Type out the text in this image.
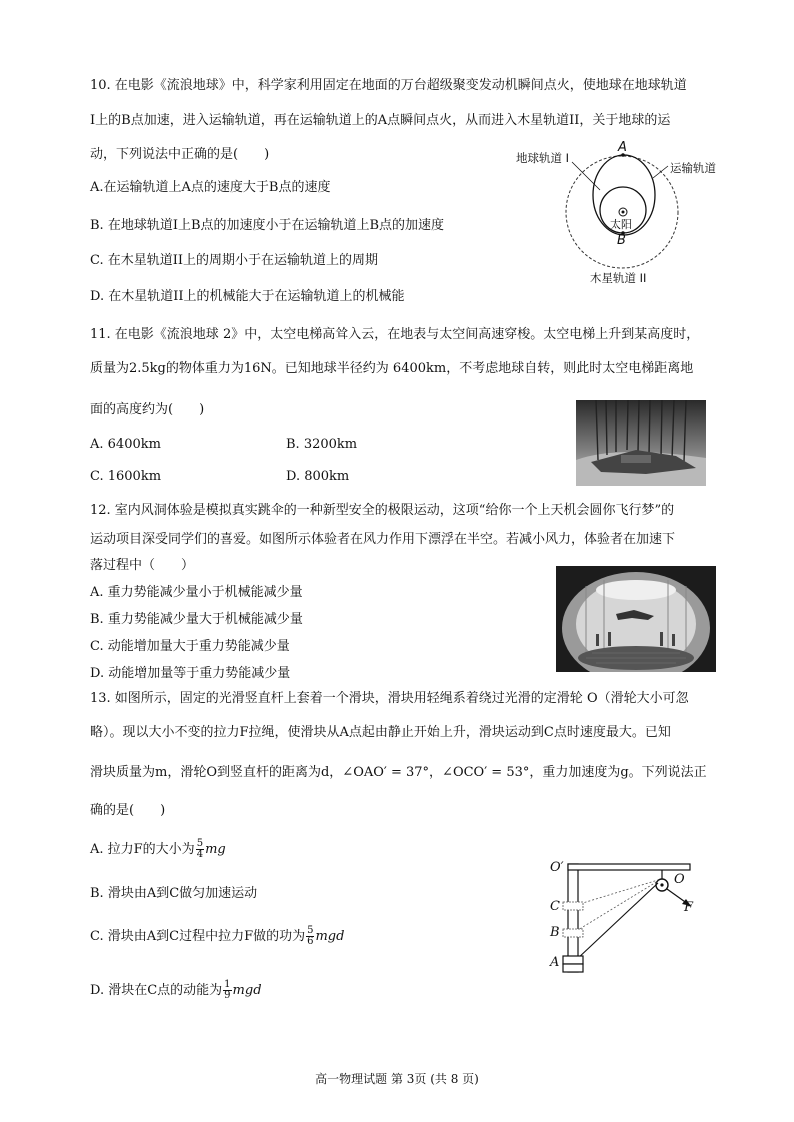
10. 在电影《流浪地球》中，科学家利用固定在地面的万台超级聚变发动机瞬间点火，使地球在地球轨道
I上的B点加速，进入运输轨道，再在运输轨道上的A点瞬间点火，从而进入木星轨道II，关于地球的运
动，下列说法中正确的是(　　)
A.在运输轨道上A点的速度大于B点的速度
B. 在地球轨道I上B点的加速度小于在运输轨道上B点的加速度
C. 在木星轨道II上的周期小于在运输轨道上的周期
D. 在木星轨道II上的机械能大于在运输轨道上的机械能
地球轨道 I
运输轨道
A
太阳
B
木星轨道 II
11. 在电影《流浪地球 2》中，太空电梯高耸入云，在地表与太空间高速穿梭。太空电梯上升到某高度时，
质量为2.5kg的物体重力为16N。已知地球半径约为 6400km，不考虑地球自转，则此时太空电梯距离地
面的高度约为(　　)
A. 6400km	B. 3200km
C. 1600km	D. 800km
12. 室内风洞体验是模拟真实跳伞的一种新型安全的极限运动，这项“给你一个上天机会圆你飞行梦”的
运动项目深受同学们的喜爱。如图所示体验者在风力作用下漂浮在半空。若减小风力，体验者在加速下
落过程中（　　）
A. 重力势能减少量小于机械能减少量
B. 重力势能减少量大于机械能减少量
C. 动能增加量大于重力势能减少量
D. 动能增加量等于重力势能减少量
13. 如图所示，固定的光滑竖直杆上套着一个滑块，滑块用轻绳系着绕过光滑的定滑轮 O（滑轮大小可忽
略）。现以大小不变的拉力F拉绳，使滑块从A点起由静止开始上升，滑块运动到C点时速度最大。已知
滑块质量为m，滑轮O到竖直杆的距离为d，∠OAO′ = 37°，∠OCO′ = 53°，重力加速度为g。下列说法正
确的是(　　)
A. 拉力F的大小为 $\frac{5}{4}$ mg
B. 滑块由A到C做匀加速运动
C. 滑块由A到C过程中拉力F做的功为 $\frac{5}{6}$ mgd
D. 滑块在C点的动能为 $\frac{1}{9}$ mgd
O′
O
F
C
B
A
高一物理试题 第 3页 (共 8 页)
